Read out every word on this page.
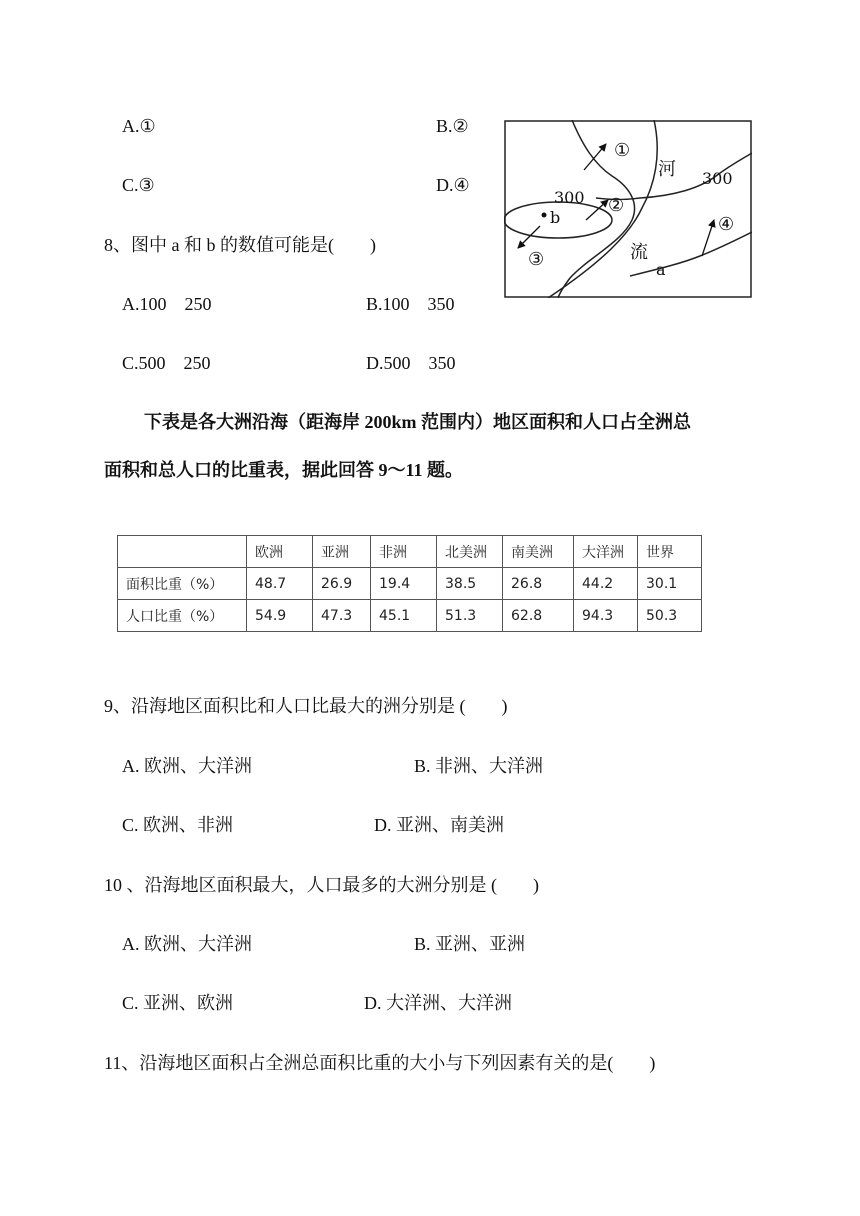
A.①	B.②
C.③	D.④
8、图中 a 和 b 的数值可能是(　　)
A.100　250	B.100　350
C.500　250	D.500　350
①
②
③
④
河
流
300
300
b
a
下表是各大洲沿海（距海岸 200km 范围内）地区面积和人口占全洲总
面积和总人口的比重表，据此回答 9～11 题。
	欧洲	亚洲	非洲	北美洲	南美洲	大洋洲	世界
面积比重（%）	48.7	26.9	19.4	38.5	26.8	44.2	30.1
人口比重（%）	54.9	47.3	45.1	51.3	62.8	94.3	50.3
9、沿海地区面积比和人口比最大的洲分别是 (　　)
A. 欧洲、大洋洲	B. 非洲、大洋洲
C. 欧洲、非洲	D. 亚洲、南美洲
10 、沿海地区面积最大，人口最多的大洲分别是 (　　)
A. 欧洲、大洋洲	B. 亚洲、亚洲
C. 亚洲、欧洲	D. 大洋洲、大洋洲
11、沿海地区面积占全洲总面积比重的大小与下列因素有关的是(　　)
